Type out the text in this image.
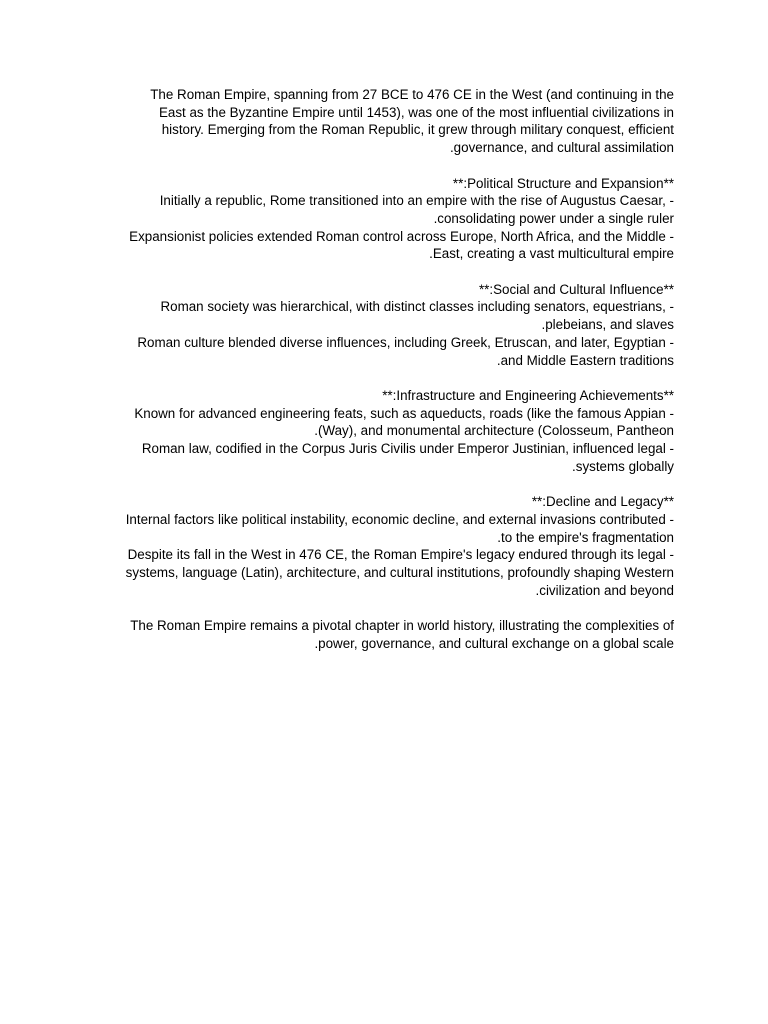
The Roman Empire, spanning from 27 BCE to 476 CE in the West (and continuing in the
East as the Byzantine Empire until 1453), was one of the most influential civilizations in
history. Emerging from the Roman Republic, it grew through military conquest, efficient
.governance, and cultural assimilation
**:Political Structure and Expansion**
Initially a republic, Rome transitioned into an empire with the rise of Augustus Caesar, -
.consolidating power under a single ruler
Expansionist policies extended Roman control across Europe, North Africa, and the Middle -
.East, creating a vast multicultural empire
**:Social and Cultural Influence**
Roman society was hierarchical, with distinct classes including senators, equestrians, -
.plebeians, and slaves
Roman culture blended diverse influences, including Greek, Etruscan, and later, Egyptian -
.and Middle Eastern traditions
**:Infrastructure and Engineering Achievements**
Known for advanced engineering feats, such as aqueducts, roads (like the famous Appian -
.(Way), and monumental architecture (Colosseum, Pantheon
Roman law, codified in the Corpus Juris Civilis under Emperor Justinian, influenced legal -
.systems globally
**:Decline and Legacy**
Internal factors like political instability, economic decline, and external invasions contributed -
.to the empire's fragmentation
Despite its fall in the West in 476 CE, the Roman Empire's legacy endured through its legal -
systems, language (Latin), architecture, and cultural institutions, profoundly shaping Western
.civilization and beyond
The Roman Empire remains a pivotal chapter in world history, illustrating the complexities of
.power, governance, and cultural exchange on a global scale
